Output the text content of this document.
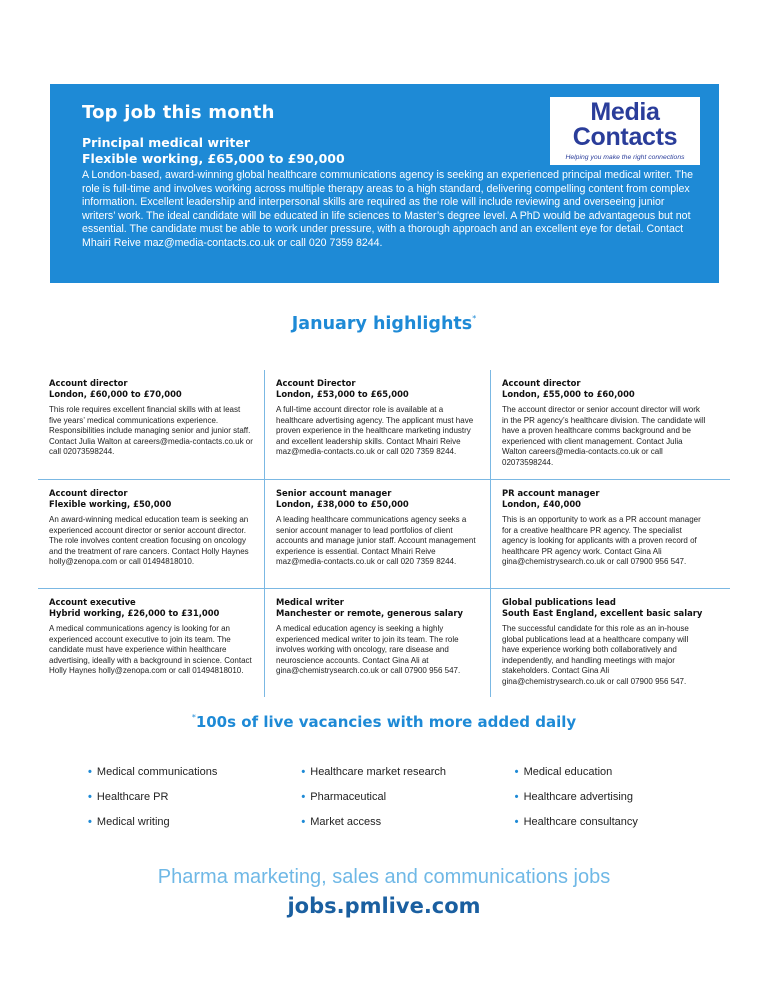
Top job this month
Principal medical writer
Flexible working, £65,000 to £90,000
A London-based, award-winning global healthcare communications agency is seeking an experienced principal medical writer. The role is full-time and involves working across multiple therapy areas to a high standard, delivering compelling content from complex information. Excellent leadership and interpersonal skills are required as the role will include reviewing and overseeing junior writers’ work. The ideal candidate will be educated in life sciences to Master’s degree level. A PhD would be advantageous but not essential. The candidate must be able to work under pressure, with a thorough approach and an excellent eye for detail. Contact Mhairi Reive maz@media-contacts.co.uk or call 020 7359 8244.
Media
Contacts
Helping you make the right connections
January highlights*
Account director
London, £60,000 to £70,000
This role requires excellent financial skills with at least five years’ medical communications experience. Responsibilities include managing senior and junior staff. Contact Julia Walton at careers@media-contacts.co.uk or call 02073598244.
Account Director
London, £53,000 to £65,000
A full-time account director role is available at a healthcare advertising agency. The applicant must have proven experience in the healthcare marketing industry and excellent leadership skills. Contact Mhairi Reive maz@media-contacts.co.uk or call 020 7359 8244.
Account director
London, £55,000 to £60,000
The account director or senior account director will work in the PR agency’s healthcare division. The candidate will have a proven healthcare comms background and be experienced with client management. Contact Julia Walton careers@media-contacts.co.uk or call 02073598244.
Account director
Flexible working, £50,000
An award-winning medical education team is seeking an experienced account director or senior account director. The role involves content creation focusing on oncology and the treatment of rare cancers. Contact Holly Haynes holly@zenopa.com or call 01494818010.
Senior account manager
London, £38,000 to £50,000
A leading healthcare communications agency seeks a senior account manager to lead portfolios of client accounts and manage junior staff. Account management experience is essential. Contact Mhairi Reive maz@media-contacts.co.uk or call 020 7359 8244.
PR account manager
London, £40,000
This is an opportunity to work as a PR account manager for a creative healthcare PR agency. The specialist agency is looking for applicants with a proven record of healthcare PR agency work. Contact Gina Ali gina@chemistrysearch.co.uk or call 07900 956 547.
Account executive
Hybrid working, £26,000 to £31,000
A medical communications agency is looking for an experienced account executive to join its team. The candidate must have experience within healthcare advertising, ideally with a background in science. Contact Holly Haynes holly@zenopa.com or call 01494818010.
Medical writer
Manchester or remote, generous salary
A medical education agency is seeking a highly experienced medical writer to join its team. The role involves working with oncology, rare disease and neuroscience accounts. Contact Gina Ali at gina@chemistrysearch.co.uk or call 07900 956 547.
Global publications lead
South East England, excellent basic salary
The successful candidate for this role as an in-house global publications lead at a healthcare company will have experience working both collaboratively and independently, and handling meetings with major stakeholders. Contact Gina Ali gina@chemistrysearch.co.uk or call 07900 956 547.
*100s of live vacancies with more added daily
• Medical communications
• Healthcare PR
• Medical writing
• Healthcare market research
• Pharmaceutical
• Market access
• Medical education
• Healthcare advertising
• Healthcare consultancy
Pharma marketing, sales and communications jobs
jobs.pmlive.com
